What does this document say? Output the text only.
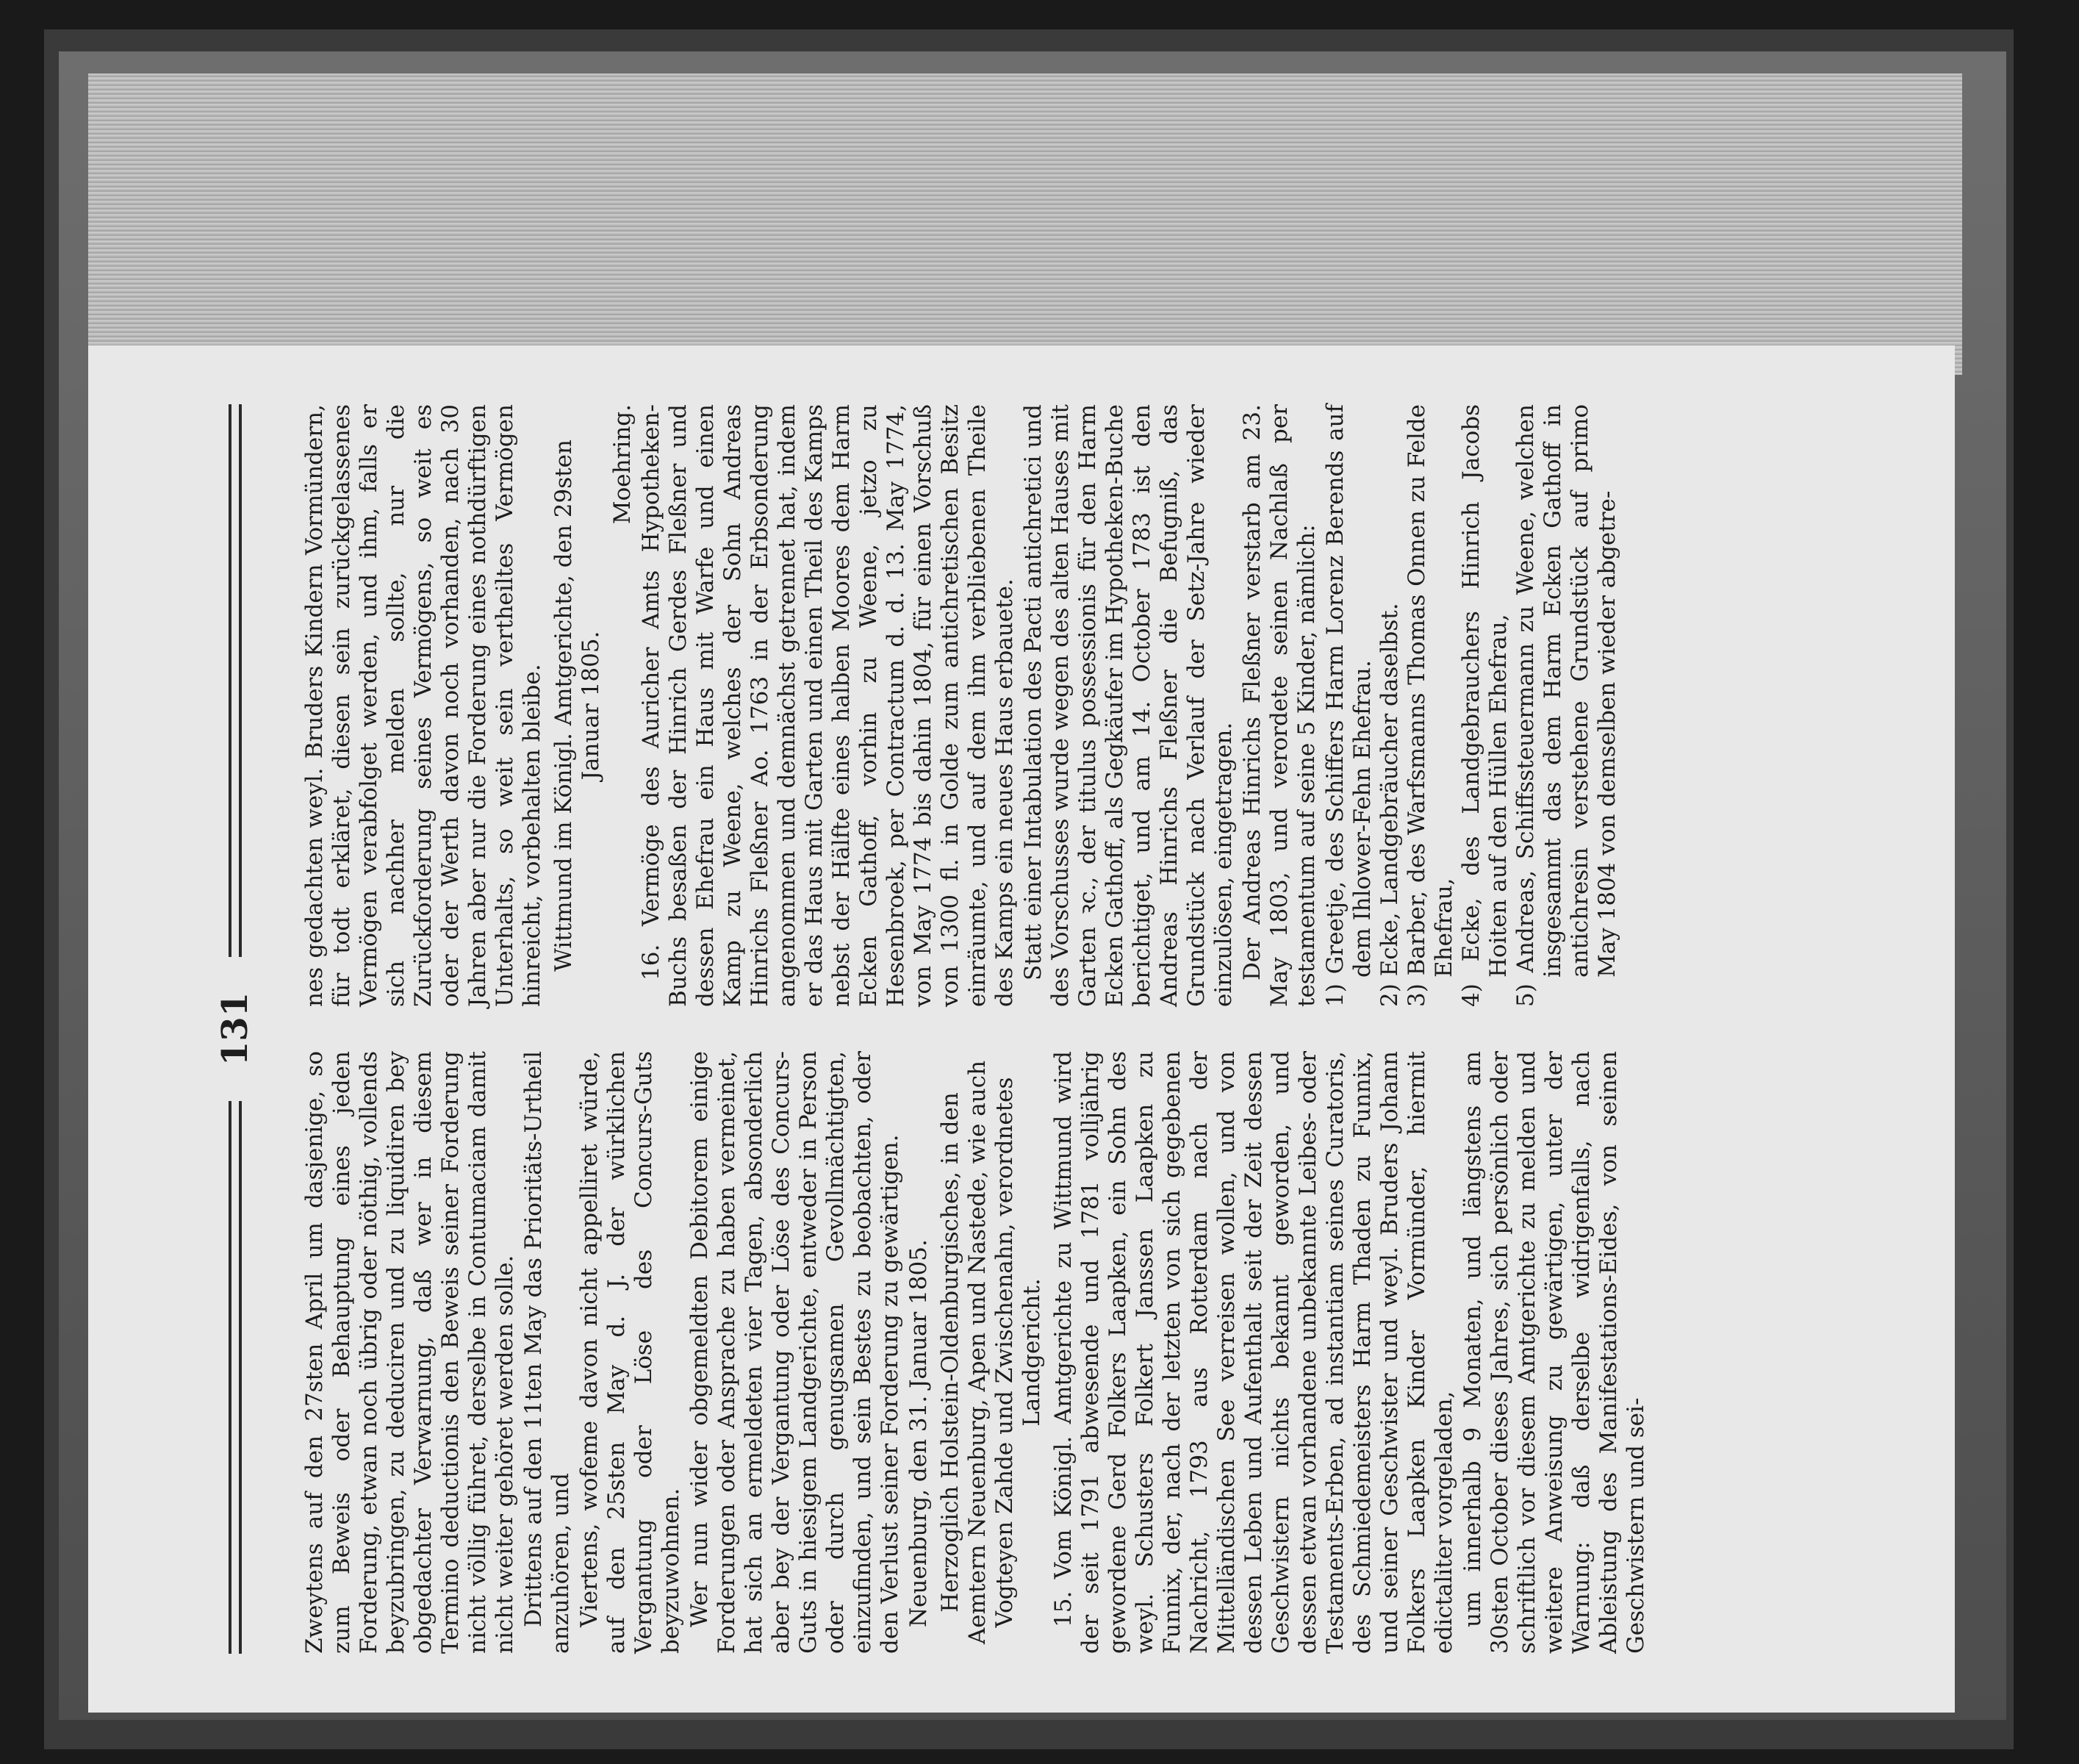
131

Zweytens auf den 27sten April um dasjenige, so zum Beweis oder Behauptung eines jeden Forderung, etwan noch übrig oder nöthig, vollends beyzubringen, zu deduciren und zu liquidiren bey obgedachter Verwarnung, daß wer in diesem Termino deductionis den Beweis seiner Forderung nicht völlig führet, derselbe in Contumaciam damit nicht weiter gehöret werden solle. Drittens auf den 11ten May das Prioritäts-Urtheil anzuhören, und Viertens, wofeme davon nicht appelliret würde, auf den 25sten May d. J. der würklichen Vergantung oder Löse des Concurs-Guts beyzuwohnen. Wer nun wider obgemeldten Debitorem einige Forderungen oder Ansprache zu haben vermeinet, hat sich an ermeldeten vier Tagen, absonderlich aber bey der Vergantung oder Löse des Concurs-Guts in hiesigem Landgerichte, entweder in Person oder durch genugsamen Gevollmächtigten, einzufinden, und sein Bestes zu beobachten, oder den Verlust seiner Forderung zu gewärtigen. Neuenburg, den 31. Januar 1805. Herzoglich Holstein-Oldenburgisches, in den Aemtern Neuenburg, Apen und Nastede, wie auch Vogteyen Zahde und Zwischenahn, verordnetes Landgericht. 15. Vom Königl. Amtgerichte zu Wittmund wird der seit 1791 abwesende und 1781 volljährig gewordene Gerd Folkers Laapken, ein Sohn des weyl. Schusters Folkert Janssen Laapken zu Funnix, der, nach der letzten von sich gegebenen Nachricht, 1793 aus Rotterdam nach der Mittelländischen See verreisen wollen, und von dessen Leben und Aufenthalt seit der Zeit dessen Geschwistern nichts bekannt geworden, und dessen etwan vorhandene unbekannte Leibes- oder Testaments-Erben, ad instantiam seines Curatoris, des Schmiedemeisters Harm Thaden zu Funnix, und seiner Geschwister und weyl. Bruders Johann Folkers Laapken Kinder Vormünder, hiermit edictaliter vorgeladen, um innerhalb 9 Monaten, und längstens am 30sten October dieses Jahres, sich persönlich oder schriftlich vor diesem Amtgerichte zu melden und weitere Anweisung zu gewärtigen, unter der Warnung: daß derselbe widrigenfalls, nach Ableistung des Manifestations-Eides, von seinen Geschwistern und sei-

nes gedachten weyl. Bruders Kindern Vormündern, für todt erkläret, diesen sein zurückgelassenes Vermögen verabfolget werden, und ihm, falls er sich nachher melden sollte, nur die Zurückforderung seines Vermögens, so weit es oder der Werth davon noch vorhanden, nach 30 Jahren aber nur die Forderung eines nothdürftigen Unterhalts, so weit sein vertheiltes Vermögen hinreicht, vorbehalten bleibe. Wittmund im Königl. Amtgerichte, den 29sten Januar 1805.

Moehring. 16. Vermöge des Auricher Amts Hypotheken-Buchs besaßen der Hinrich Gerdes Fleßner und dessen Ehefrau ein Haus mit Warfe und einen Kamp zu Weene, welches der Sohn Andreas Hinrichs Fleßner Ao. 1763 in der Erbsonderung angenommen und demnächst getrennet hat, indem er das Haus mit Garten und einen Theil des Kamps nebst der Hälfte eines halben Moores dem Harm Ecken Gathoff, vorhin zu Weene, jetzo zu Hesenbroek, per Contractum d. d. 13. May 1774, von May 1774 bis dahin 1804, für einen Vorschuß von 1300 fl. in Golde zum antichretischen Besitz einräumte, und auf dem ihm verbliebenen Theile des Kamps ein neues Haus erbauete. Statt einer Intabulation des Pacti antichretici und des Vorschusses wurde wegen des alten Hauses mit Garten ꝛc., der titulus possessionis für den Harm Ecken Gathoff, als Gegkäufer im Hypotheken-Buche berichtiget, und am 14. October 1783 ist den Andreas Hinrichs Fleßner die Befugniß, das Grundstück nach Verlauf der Setz-Jahre wieder einzulösen, eingetragen. Der Andreas Hinrichs Fleßner verstarb am 23. May 1803, und verordete seinen Nachlaß per testamentum auf seine 5 Kinder, nämlich: 1) Greetje, des Schiffers Harm Lorenz Berends auf dem Ihlower-Fehn Ehefrau. 2) Ecke, Landgebräucher daselbst. 3) Barber, des Warfsmanns Thomas Onnen zu Felde Ehefrau, 4) Ecke, des Landgebrauchers Hinrich Jacobs Hoiten auf den Hüllen Ehefrau, 5) Andreas, Schiffssteuermann zu Weene, welchen insgesammt das dem Harm Ecken Gathoff in antichresin verstehene Grundstück auf primo May 1804 von demselben wieder abgetre-
